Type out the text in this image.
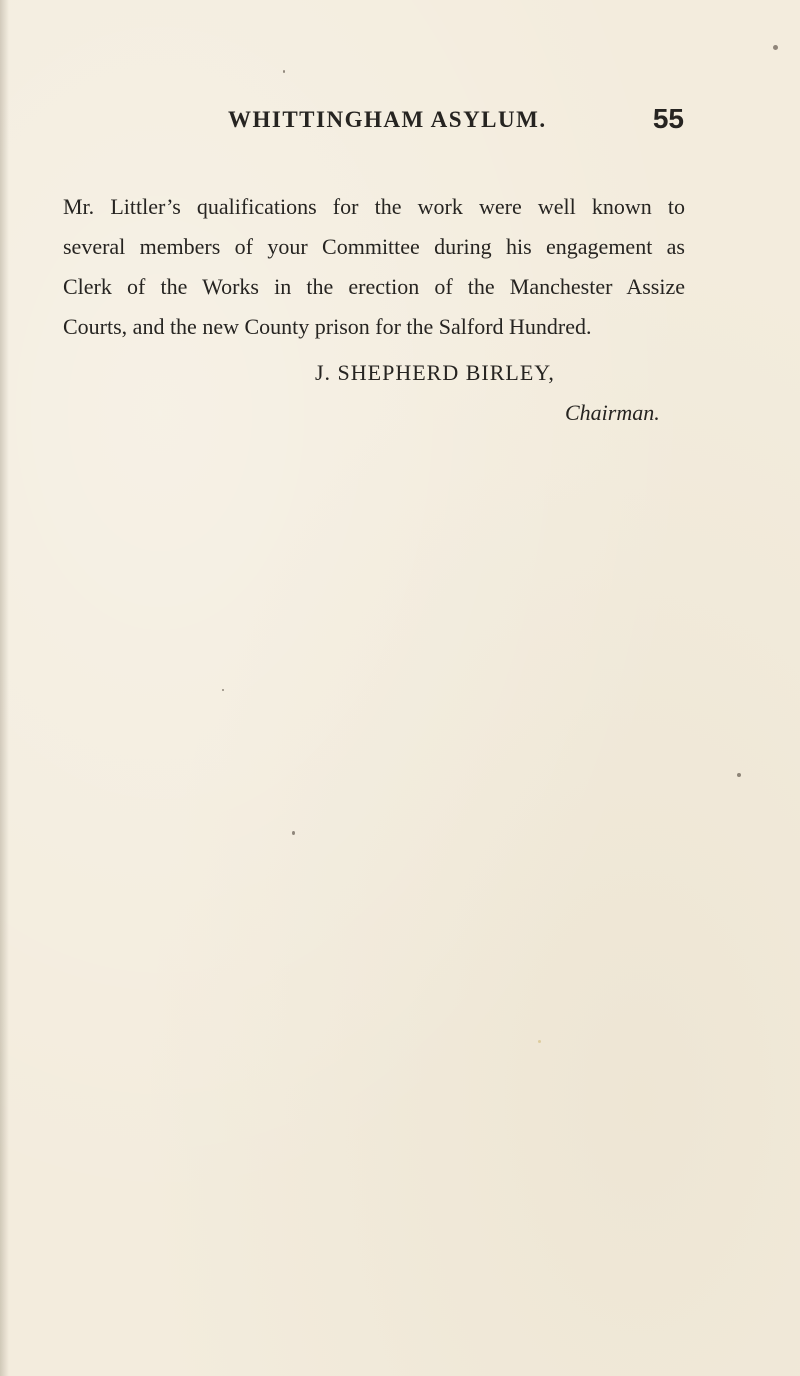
WHITTINGHAM ASYLUM.	55
Mr. Littler’s qualifications for the work were well known to
several members of your Committee during his engagement as
Clerk of the Works in the erection of the Manchester Assize
Courts, and the new County prison for the Salford Hundred.
J. SHEPHERD BIRLEY,
Chairman.
